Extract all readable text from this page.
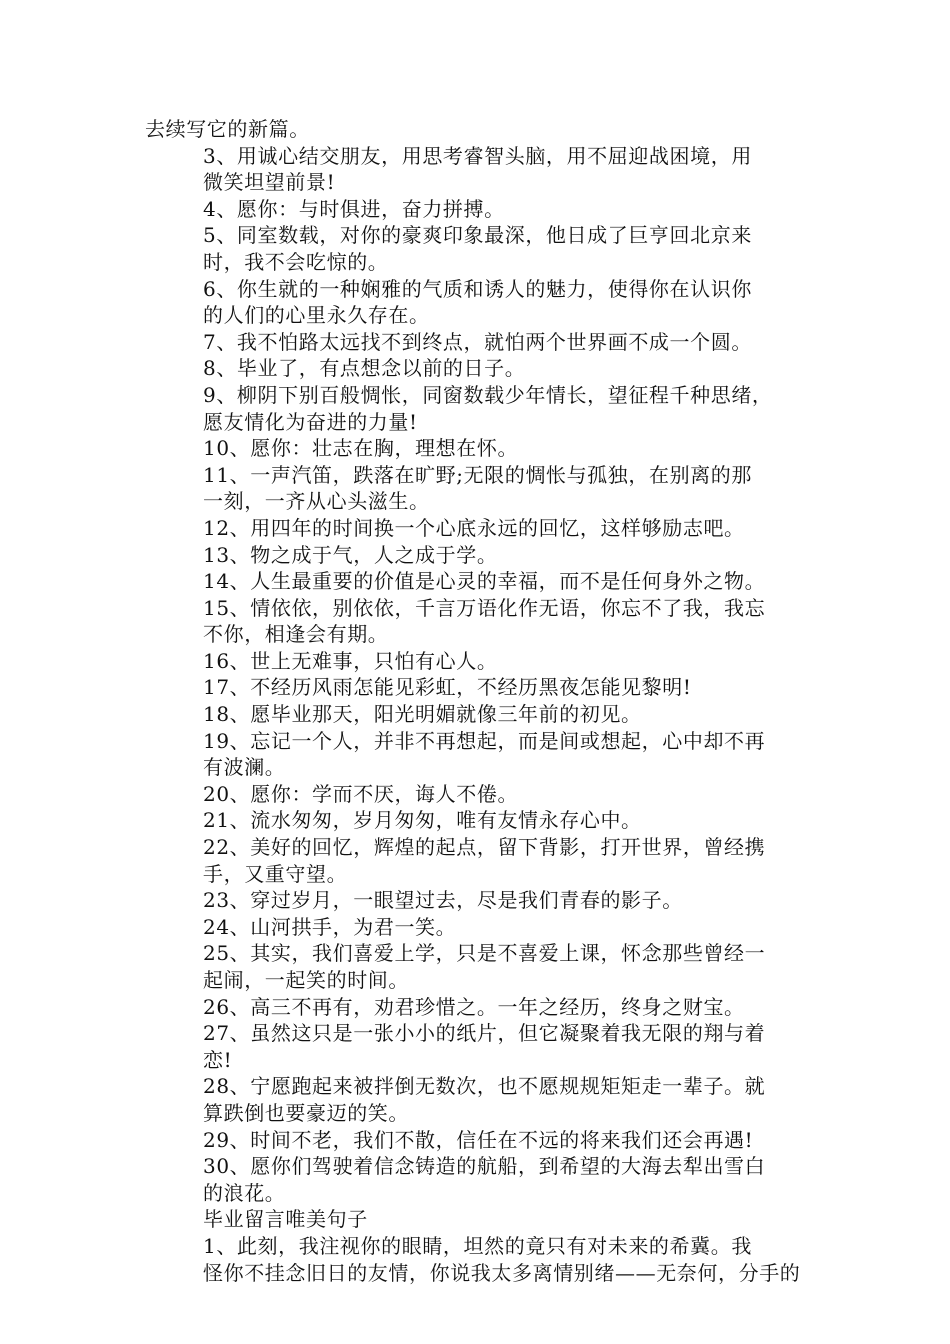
去续写它的新篇。
3、用诚心结交朋友，用思考睿智头脑，用不屈迎战困境，用
微笑坦望前景!
4、愿你：与时俱进，奋力拼搏。
5、同室数载，对你的豪爽印象最深，他日成了巨亨回北京来
时，我不会吃惊的。
6、你生就的一种娴雅的气质和诱人的魅力，使得你在认识你
的人们的心里永久存在。
7、我不怕路太远找不到终点，就怕两个世界画不成一个圆。
8、毕业了，有点想念以前的日子。
9、柳阴下别百般惆怅，同窗数载少年情长，望征程千种思绪，
愿友情化为奋进的力量!
10、愿你：壮志在胸，理想在怀。
11、一声汽笛，跌落在旷野;无限的惆怅与孤独，在别离的那
一刻，一齐从心头滋生。
12、用四年的时间换一个心底永远的回忆，这样够励志吧。
13、物之成于气，人之成于学。
14、人生最重要的价值是心灵的幸福，而不是任何身外之物。
15、情依依，别依依，千言万语化作无语，你忘不了我，我忘
不你，相逢会有期。
16、世上无难事，只怕有心人。
17、不经历风雨怎能见彩虹，不经历黑夜怎能见黎明!
18、愿毕业那天，阳光明媚就像三年前的初见。
19、忘记一个人，并非不再想起，而是间或想起，心中却不再
有波澜。
20、愿你：学而不厌，诲人不倦。
21、流水匆匆，岁月匆匆，唯有友情永存心中。
22、美好的回忆，辉煌的起点，留下背影，打开世界，曾经携
手，又重守望。
23、穿过岁月，一眼望过去，尽是我们青春的影子。
24、山河拱手，为君一笑。
25、其实，我们喜爱上学，只是不喜爱上课，怀念那些曾经一
起闹，一起笑的时间。
26、高三不再有，劝君珍惜之。一年之经历，终身之财宝。
27、虽然这只是一张小小的纸片，但它凝聚着我无限的翔与着
恋!
28、宁愿跑起来被拌倒无数次，也不愿规规矩矩走一辈子。就
算跌倒也要豪迈的笑。
29、时间不老，我们不散，信任在不远的将来我们还会再遇!
30、愿你们驾驶着信念铸造的航船，到希望的大海去犁出雪白
的浪花。
毕业留言唯美句子
1、此刻，我注视你的眼睛，坦然的竟只有对未来的希冀。我
怪你不挂念旧日的友情，你说我太多离情别绪——无奈何，分手的
